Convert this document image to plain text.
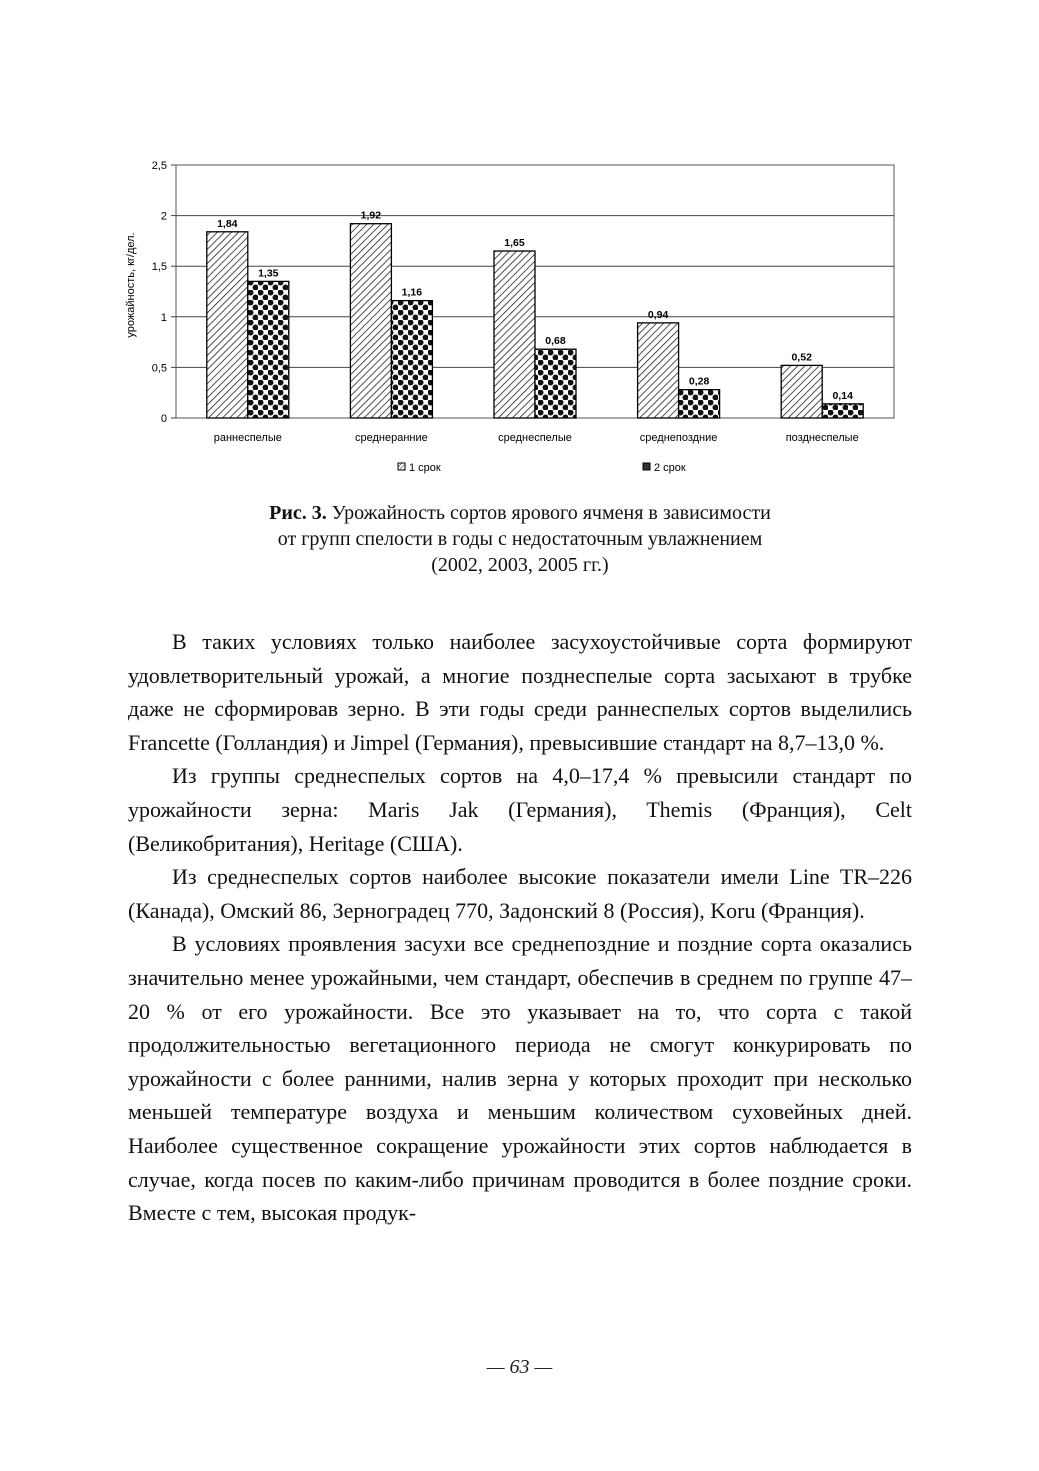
0
0,5
1
1,5
2
2,5
1,84
1,35
раннеспелые
1,92
1,16
среднеранние
1,65
0,68
среднеспелые
0,94
0,28
среднепоздние
0,52
0,14
позднеспелые
урожайность, кг/дел.
1 срок	2 срок
Рис. 3. Урожайность сортов ярового ячменя в зависимости
от групп спелости в годы с недостаточным увлажнением
(2002, 2003, 2005 гг.)

В таких условиях только наиболее засухоустойчивые сорта формируют удовлетворительный урожай, а многие позднеспелые сорта засыхают в трубке даже не сформировав зерно. В эти годы среди раннеспелых сортов выделились Francette (Голландия) и Jimpel (Германия), превысившие стандарт на 8,7–13,0 %.

Из группы среднеспелых сортов на 4,0–17,4 % превысили стандарт по урожайности зерна: Maris Jak (Германия), Themis (Франция), Celt (Великобритания), Heritage (США).

Из среднеспелых сортов наиболее высокие показатели имели Line TR–226 (Канада), Омский 86, Зерноградец 770, Задонский 8 (Россия), Koru (Франция).

В условиях проявления засухи все среднепоздние и поздние сорта оказались значительно менее урожайными, чем стандарт, обеспечив в среднем по группе 47–20 % от его урожайности. Все это указывает на то, что сорта с такой продолжительностью вегетационного периода не смогут конкурировать по урожайности с более ранними, налив зерна у которых проходит при несколько меньшей температуре воздуха и меньшим количеством суховейных дней. Наиболее существенное сокращение урожайности этих сортов наблюдается в случае, когда посев по каким-либо причинам проводится в более поздние сроки. Вместе с тем, высокая продук-

— 63 —
